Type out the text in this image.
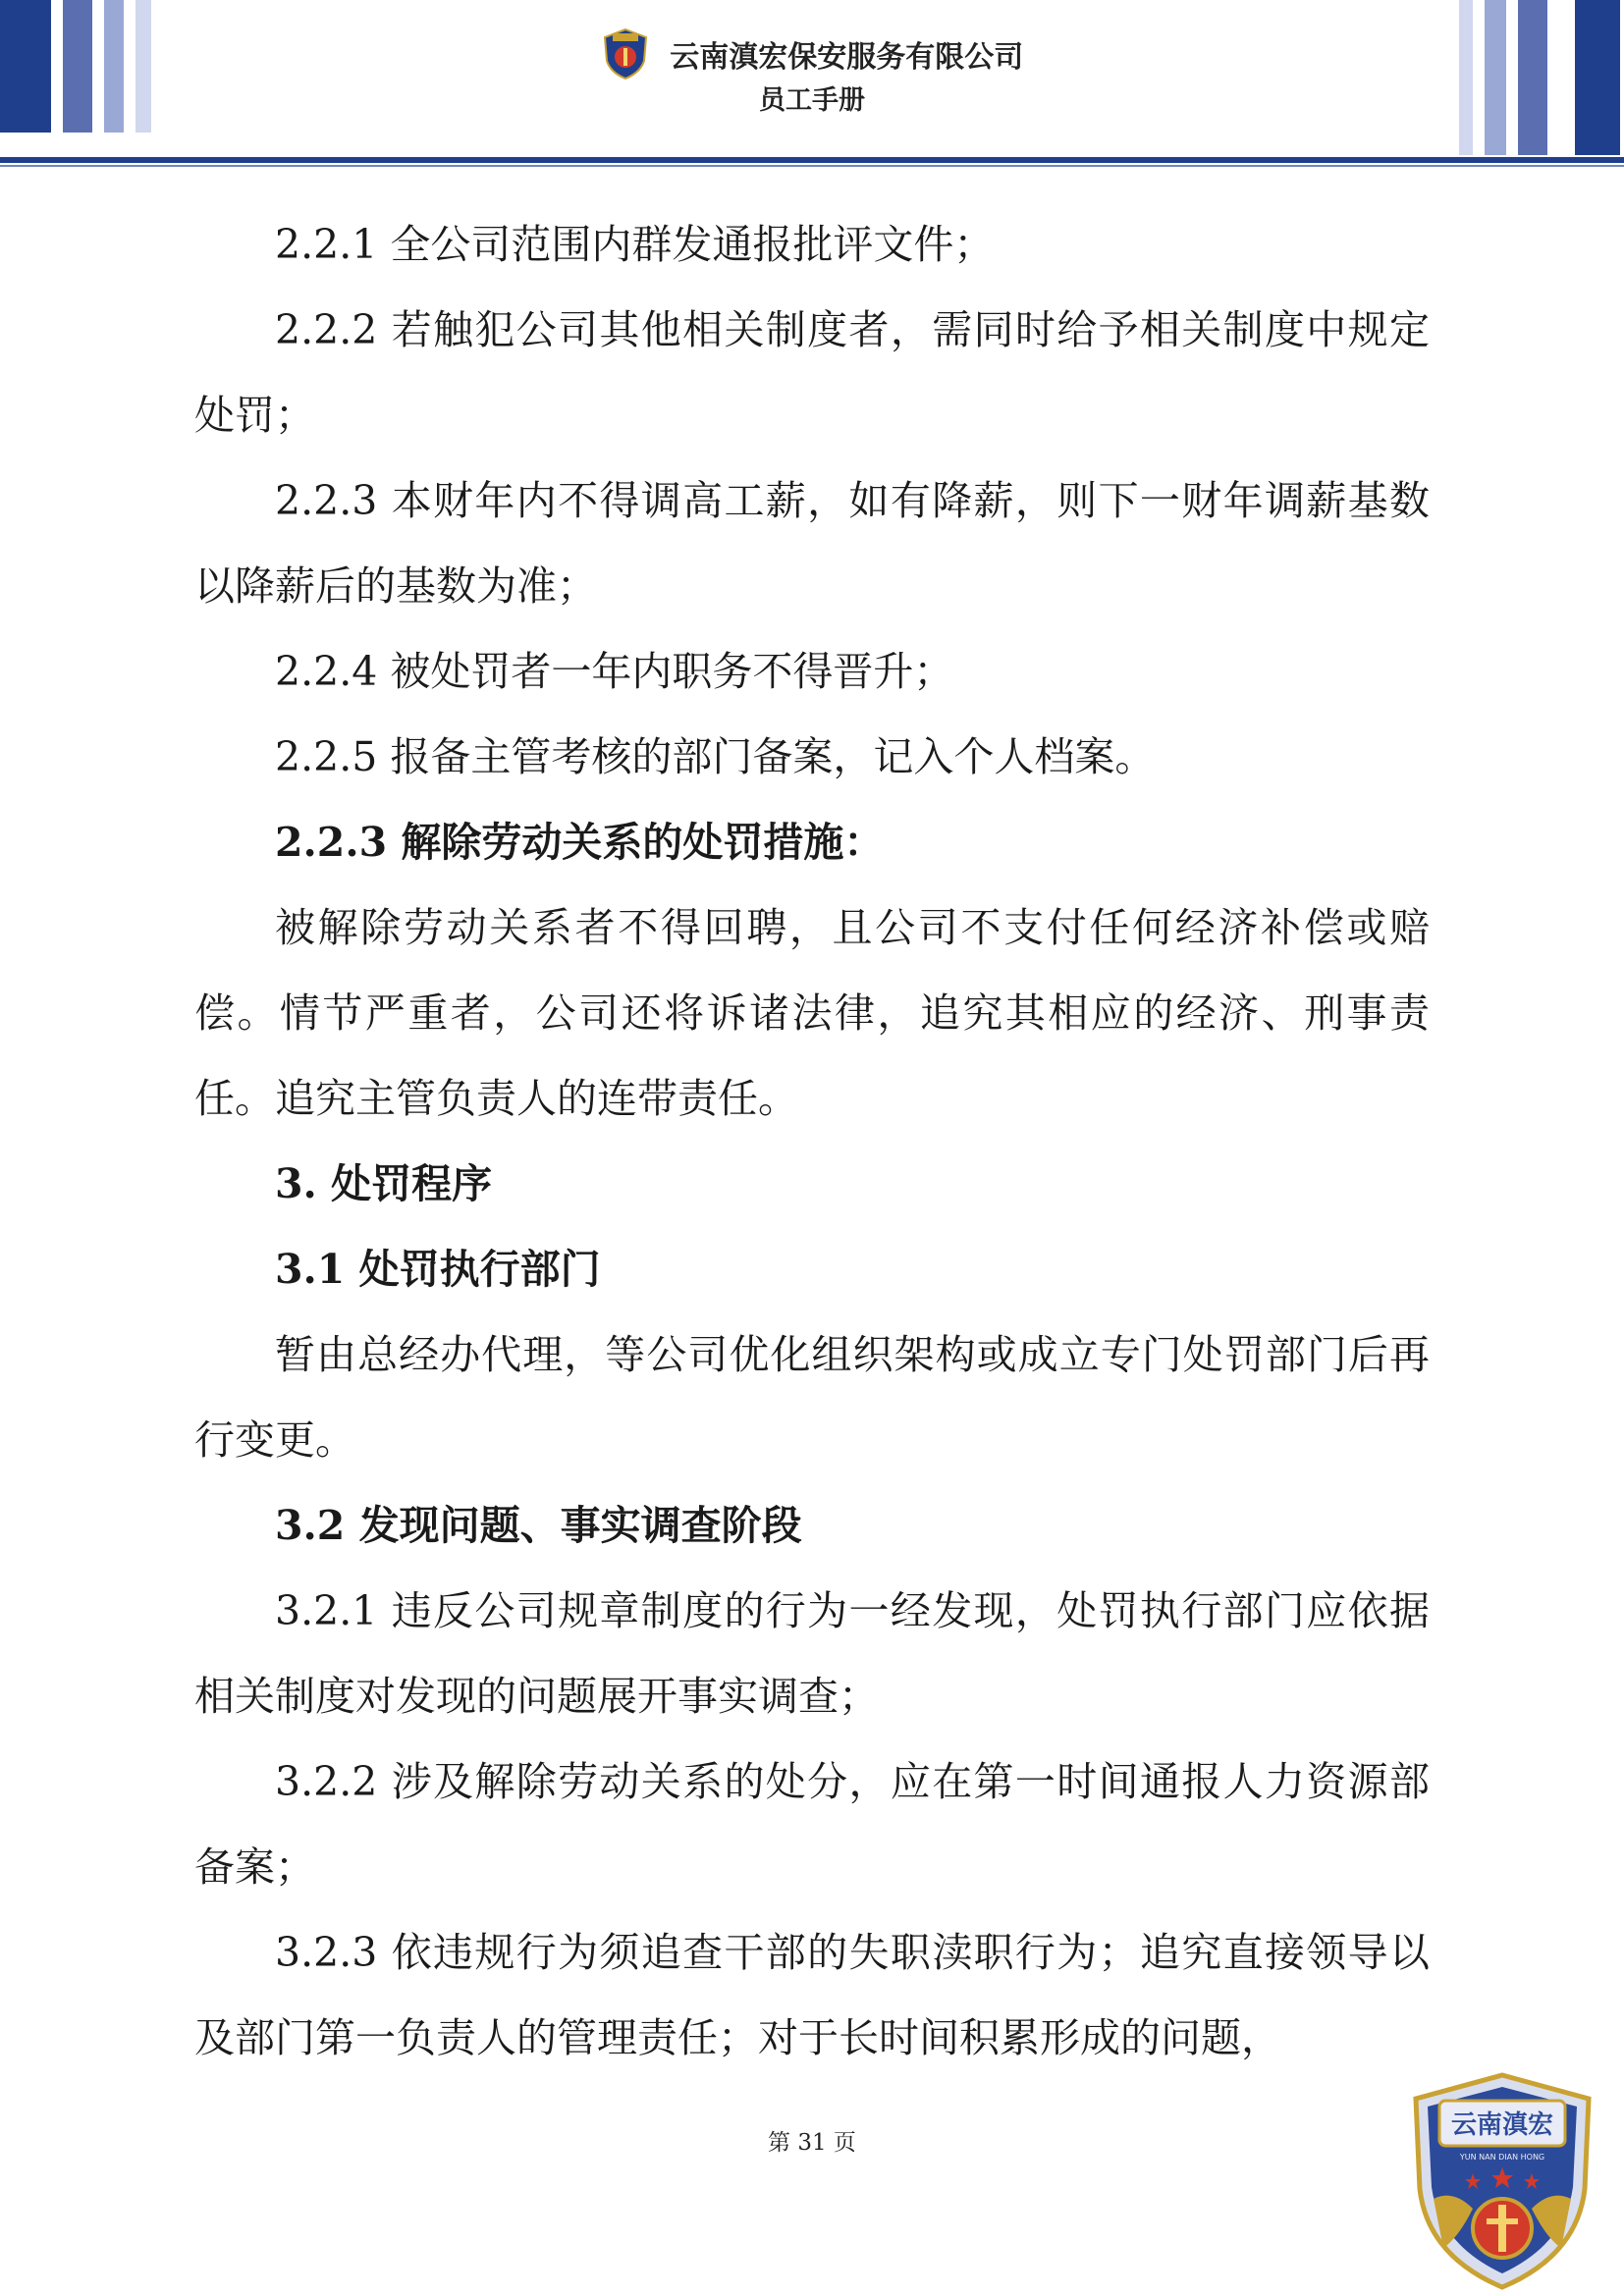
云南滇宏保安服务有限公司
员工手册

2.2.1 全公司范围内群发通报批评文件；

2.2.2 若触犯公司其他相关制度者，需同时给予相关制度中规定处罚；

2.2.3 本财年内不得调高工薪，如有降薪，则下一财年调薪基数以降薪后的基数为准；

2.2.4 被处罚者一年内职务不得晋升；

2.2.5 报备主管考核的部门备案，记入个人档案。

2.2.3 解除劳动关系的处罚措施：

被解除劳动关系者不得回聘，且公司不支付任何经济补偿或赔偿。情节严重者，公司还将诉诸法律，追究其相应的经济、刑事责任。追究主管负责人的连带责任。

3. 处罚程序

3.1 处罚执行部门

暂由总经办代理，等公司优化组织架构或成立专门处罚部门后再行变更。

3.2 发现问题、事实调查阶段

3.2.1 违反公司规章制度的行为一经发现，处罚执行部门应依据相关制度对发现的问题展开事实调查；

3.2.2 涉及解除劳动关系的处分，应在第一时间通报人力资源部备案；

3.2.3 依违规行为须追查干部的失职渎职行为；追究直接领导以及部门第一负责人的管理责任；对于长时间积累形成的问题，

第 31 页
云南滇宏
YUN NAN DIAN HONG
